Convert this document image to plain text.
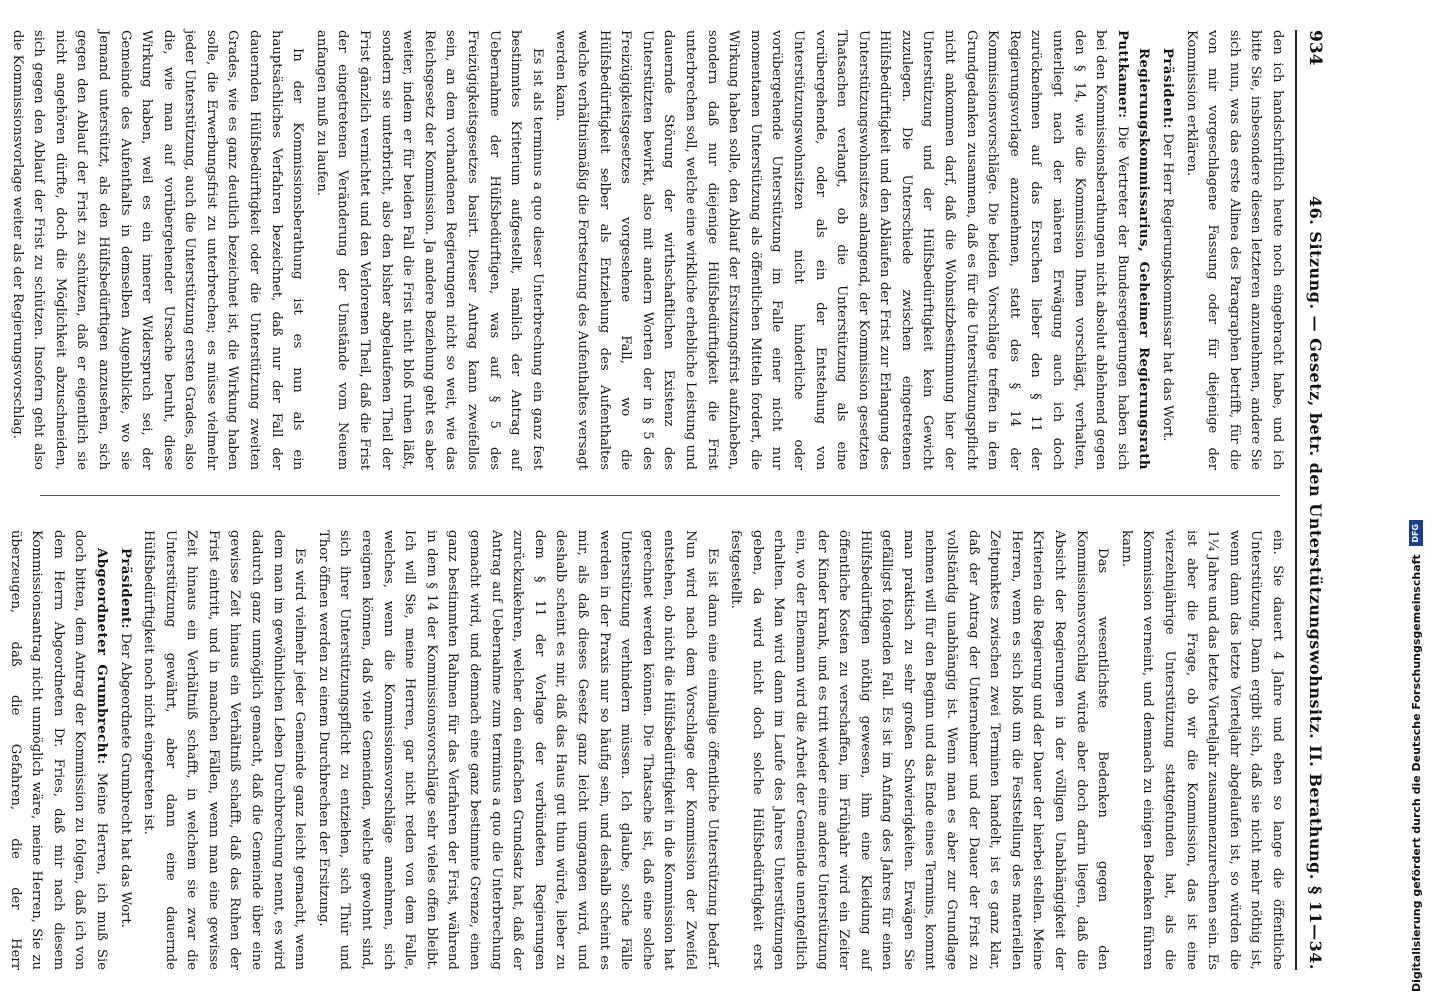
934
46. Sitzung. — Gesetz, betr. den Unterstützungswohnsitz. II. Berathung. § 11—34.

den ich handschriftlich heute noch eingebracht habe, und ich bitte Sie, insbesondere diesen letzteren anzunehmen, andere Sie sich nun, was das erste Alinea des Paragraphen betrifft, für die von mir vorgeschlagene Fassung oder für diejenige der Kommission erklären.

Präsident: Der Herr Regierungskommissar hat das Wort.

Regierungskommissarius, Geheimer Regierungsrath Puttkamer: Die Vertreter der Bundesregierungen haben sich bei den Kommissionsberathungen nicht absolut ablehnend gegen den § 14, wie die Kommission Ihnen vorschlägt, verhalten, unterliegt nach der näheren Erwägung auch ich doch zurücknehmen auf das Ersuchen lieber den § 11 der Regierungsvorlage anzunehmen, statt des § 14 der Kommissionsvorschläge. Die beiden Vorschläge treffen in dem Grundgedanken zusammen, daß es für die Unterstützungspflicht nicht ankommen darf, daß die Wohnsitzbestimmung hier der Unterstützung und der Hülfsbedürftigkeit kein Gewicht zuzulegen. Die Unterschiede zwischen eingetretenen Hülfsbedürftigkeit und den Abläufen der Frist zur Erlangung des Unterstützungswohnsitzes anlangend, der Kommission gesetzten Thatsachen verlangt, ob die Unterstützung als eine vorübergehende, oder als ein der Entstehung von Unterstützungswohnsitzen nicht hinderliche oder vorübergehende Unterstützung im Falle einer nicht nur momentanen Unterstützung als öffentlichen Mitteln fordert, die Wirkung haben solle, den Ablauf der Ersitzungsfrist aufzuheben, sondern daß nur diejenige Hülfsbedürftigkeit die Frist unterbrechen soll, welche eine wirkliche erhebliche Leistung und dauernde Störung der wirthschaftlichen Existenz des Unterstützten bewirkt, also mit andern Worten der in § 5 des Freizügigkeitsgesetzes vorgesehene Fall, wo die Hülfsbedürftigkeit selber als Entziehung des Aufenthaltes welche verhältnismäßig die Fortsetzung des Aufenthaltes versagt werden kann.

Es ist als terminus a quo dieser Unterbrechung ein ganz fest bestimmtes Kriterium aufgestellt, nämlich der Antrag auf Uebernahme der Hülfsbedürftigen, was auf § 5 des Freizügigkeitsgesetzes basirt. Dieser Antrag kann zweifellos sein, an dem vorhandenen Regierungen nicht so weit, wie das Reichsgesetz der Kommission. Ja andere Beziehung geht es aber weiter, indem er für beiden Fall die Frist nicht bloß ruhen läßt, sondern sie unterbricht, also den bisher abgelaufenen Theil der Frist gänzlich vernichtet und den Verlorenen Theil, daß die Frist der eingetretenen Veränderung der Umstände vom Neuem anfangen muß zu laufen.

In der Kommissionsberathung ist es nun als ein hauptsächliches Verfahren bezeichnet, daß nur der Fall der dauernden Hülfsbedürftigkeit oder die Unterstützung zweiten Grades, wie es ganz deutlich bezeichnet ist, die Wirkung haben solle, die Erwerbungsfrist zu unterbrechen; es müsse vielmehr jeder Unterstützung, auch die Unterstützung ersten Grades, also die, wie man auf vorübergehender Ursache beruht, diese Wirkung haben, weil es ein innerer Widerspruch sei, der Gemeinde des Aufenthalts in demselben Augenblicke, wo sie Jemand unterstützt, als den Hülfsbedürftigen anzusehen, sich gegen den Ablauf der Frist zu schützen, daß er eigentlich sie nicht angehören dürfte, doch die Möglichkeit abzuschneiden, sich gegen den Ablauf der Frist zu schützen. Insofern geht also die Kommissionsvorlage weiter als der Regierungsvorschlag.

ein. Sie dauert 4 Jahre und eben so lange die öffentliche Unterstützung. Dann ergibt sich, daß sie nicht mehr nöthig ist, wenn dann das letzte Vierteljahr abgelaufen ist, so würden die 1¼ Jahre und das letzte Vierteljahr zusammenzurechnen sein. Es ist aber die Frage, ob wir die Kommission, das ist eine vierzehnjährige Unterstützung stattgefunden hat, als die Kommission verneint, und demnach zu einigen Bedenken führen kann.

Das wesentlichste Bedenken gegen den Kommissionsvorschlag würde aber doch darin liegen, daß die Absicht der Regierungen in der völligen Unabhängigkeit der Kriterien die Regierung und der Dauer der hierbei stellen. Meine Herren, wenn es sich bloß um die Feststellung des materiellen Zeitpunktes zwischen zwei Terminen handelt, ist es ganz klar, daß der Antrag der Unternehmer und der Dauer der Frist zu vollständig unabhängig ist. Wenn man es aber zur Grundlage nehmen will für den Beginn und das Ende eines Termins, kommt man praktisch zu sehr großen Schwierigkeiten. Erwägen Sie gefälligst folgenden Fall. Es ist im Anfang des Jahres für einen Hülfsbedürftigen nöthig gewesen, ihm eine Kleidung auf öffentliche Kosten zu verschaffen, im Frühjahr wird ein Zeiter der Kinder krank, und es tritt wieder eine andere Unterstützung ein, wo der Ehemann wird die Arbeit der Gemeinde unentgeltlich erhalten. Man wird dann im Laufe des Jahres Unterstützungen geben, da wird nicht doch solche Hülfsbedürftigkeit erst festgestellt.

Es ist dann eine einmalige öffentliche Unterstützung bedarf. Nun wird nach dem Vorschlage der Kommission der Zweifel entstehen, ob nicht die Hülfsbedürftigkeit in die Kommission hat gerechnet werden können. Die Thatsache ist, daß eine solche Unterstützung verhindern müssen. Ich glaube, solche Fälle werden in der Praxis nur so häufig sein, und deshalb scheint es mir, als daß dieses Gesetz ganz leicht umgangen wird, und deshalb scheint es mir, daß das Haus gut thun würde, lieber zu dem § 11 der Vorlage der verbündeten Regierungen zurückzukehren, welcher den einfachen Grundsatz hat, daß der Antrag auf Uebernahme zum terminus a quo die Unterbrechung gemacht wird, und demnach eine ganz bestimmte Grenze, einen ganz bestimmten Rahmen für das Verfahren der Frist, während in dem § 14 der Kommissionsvorschläge sehr vieles offen bleibt. Ich will Sie, meine Herren, gar nicht reden von dem Falle, welches, wenn die Kommissionsvorschläge annehmen, sich ereignen können, daß viele Gemeinden, welche gewohnt sind, sich ihrer Unterstützungspflicht zu entziehen, sich Thür und Thor öffnen werden zu einem Durchbrechen der Ersitzung.

Es wird vielmehr jeder Gemeinde ganz leicht gemacht, wenn dem man im gewöhnlichen Leben Durchbrechung nennt, es wird dadurch ganz unmöglich gemacht, daß die Gemeinde über eine gewisse Zeit hinaus ein Verhältniß schafft, daß das Ruhen der Frist eintritt, und in manchen Fällen, wenn man eine gewisse Zeit hinaus ein Verhältniß schafft, in welchem sie zwar die Unterstützung gewährt, aber dann eine dauernde Hülfsbedürftigkeit noch nicht eingetreten ist.

Präsident: Der Abgeordnete Grumbrecht hat das Wort.

Abgeordneter Grumbrecht: Meine Herren, ich muß Sie doch bitten, dem Antrag der Kommission zu folgen, daß ich von dem Herrn Abgeordneten Dr. Fries, daß mir nach diesem Kommissionsantrag nicht unmöglich wäre, meine Herren, Sie zu überzeugen, daß die Gefahren, die der Herr	Digitalisierung gefördert durch die Deutsche Forschungsgemeinschaft
DFG
